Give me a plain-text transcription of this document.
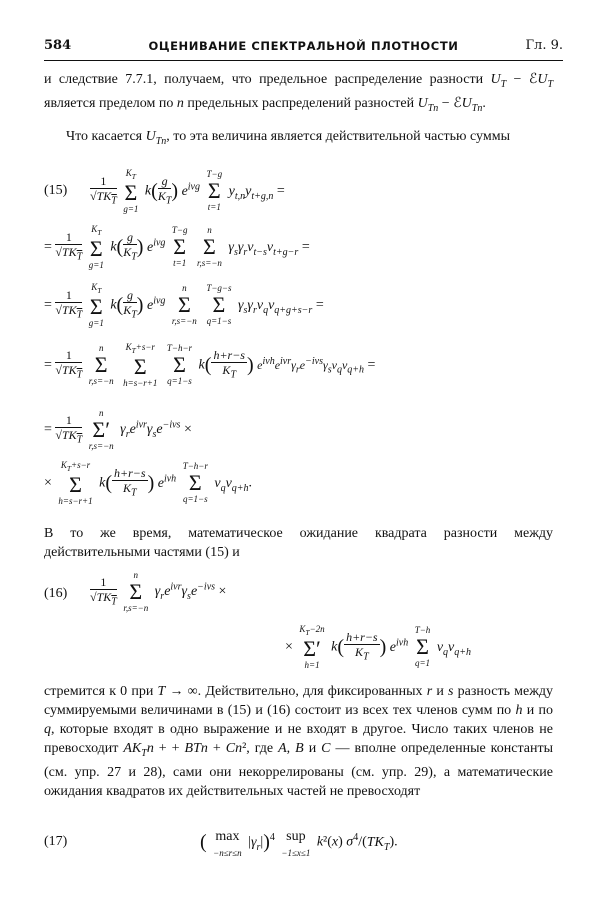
584	ОЦЕНИВАНИЕ СПЕКТРАЛЬНОЙ ПЛОТНОСТИ	Гл. 9.
и следствие 7.7.1, получаем, что предельное распределение разности $U_T$ − ℰU$_T$ является пределом по n предельных распределений разностей $U_{Tn}$ − ℰU$_{Tn}$.
Что касается $U_{Tn}$, то эта величина является действительной частью суммы
$(15) \frac{1}{√TK_T}$

$K_T$
Σ
g=1
$k( \frac{g}{K_T}$ ) $e^{i\nu g}$
T−g
Σ
t=1
$y_{t,n}y_{t+g,n}$ =
= $\frac{1}{√TK_T}$

$K_T$
Σ
g=1
$k( \frac{g}{K_T}$ ) $e^{i\nu g}$
T−g
Σ
t=1

n
Σ
r,s=−n
$\gamma_s\gamma_rv_{t-s}v_{t+g-r}$ =
= $\frac{1}{√TK_T}$

$K_T$
Σ
g=1
$k( \frac{g}{K_T}$ ) $e^{i\nu g}$
n
Σ
r,s=−n

T−g−s
Σ
q=1−s
$\gamma_s\gamma_rv_qv_{q+g+s-r}$ =
= $\frac{1}{√TK_T}$
	n
Σ
r,s=−n

$K_T+s-r$
Σ
h=s−r+1

T−h−r
Σ
q=1−s
$k( \frac{h+r-s}{K_T}$ ) $e^{i\nu h}e^{i\nu r}\gamma_re^{-i\nu s}\gamma_sv_qv_{q+h}$ =
= $\frac{1}{√TK_T}$
	n
Σ′
r,s=−n
$\gamma_re^{i\nu r}\gamma_se^{-i\nu s}$ ×
×
$K_T+s-r$
Σ
h=s−r+1
$k( \frac{h+r-s}{K_T}$ ) $e^{i\nu h}$
T−h−r
Σ
q=1−s
$v_qv_{q+h}$.
В то же время, математическое ожидание квадрата разности между действительными частями (15) и
$(16) \frac{1}{√TK_T}$
	n
Σ
r,s=−n
$\gamma_re^{i\nu r}\gamma_se^{-i\nu s}$ ×
×
$K_T-2n$
Σ′
h=1
$k( \frac{h+r-s}{K_T}$ ) $e^{i\nu h}$
T−h
Σ
q=1
$v_qv_{q+h}$
стремится к 0 при T → ∞. Действительно, для фиксированных r и s разность между суммируемыми величинами в (15) и (16) состоит из всех тех членов сумм по h и по q, которые входят в одно выражение и не входят в другое. Число таких членов не превосходит $AK_Tn$ + + BTn + Cn², где A, B и C — вполне определенные константы (см. упр. 27 и 28), сами они некоррелированы (см. упр. 29), а математические ожидания квадратов их действительных частей не превосходят
(17)	( max
−n≤r≤n
$|\gamma_r|)^4$ sup
−1≤x≤1
k²(x) $\sigma^4/(TK_T)$.
